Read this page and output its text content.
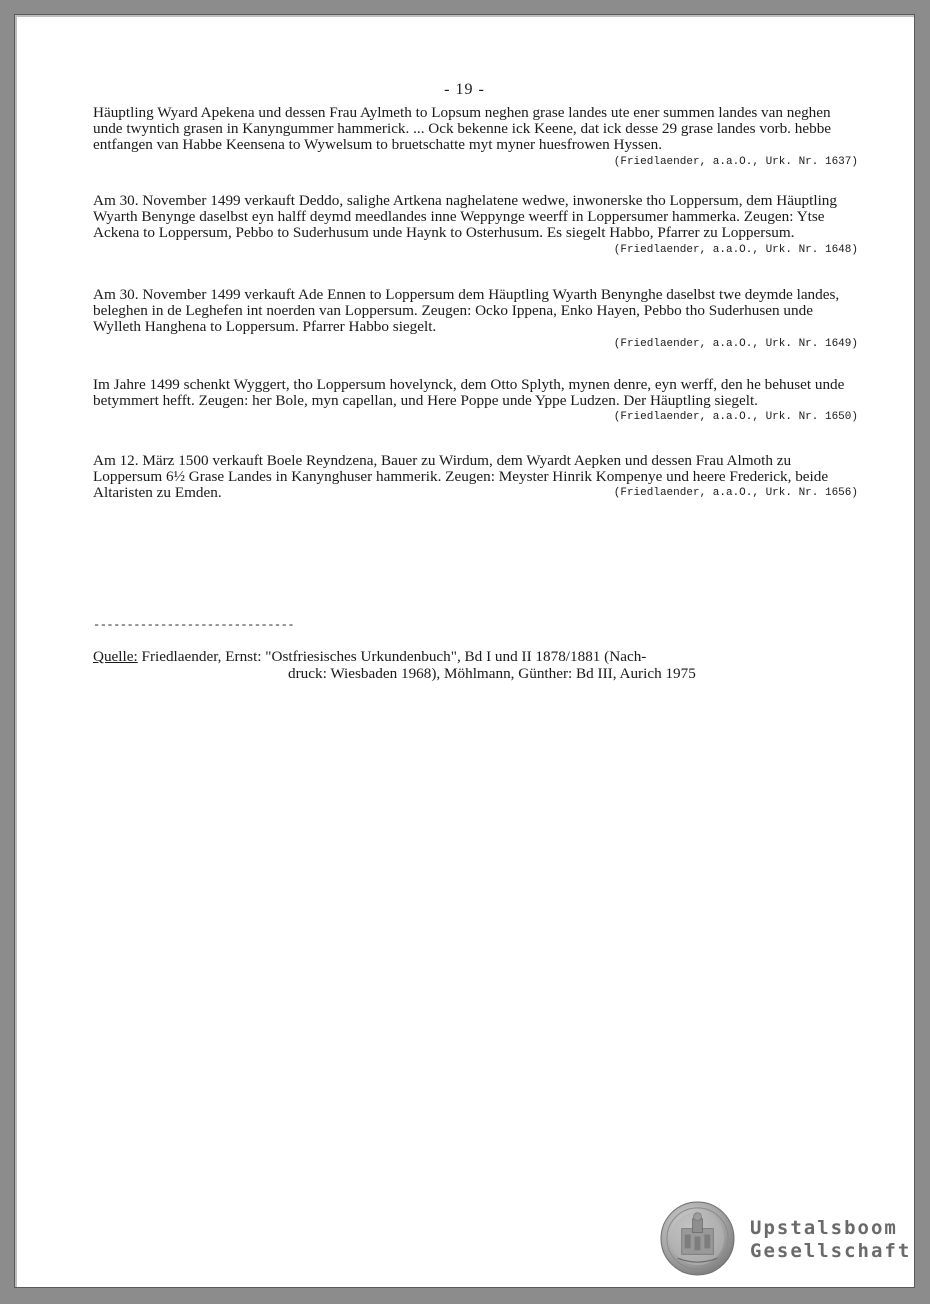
- 19 -
Häuptling Wyard Apekena und dessen Frau Aylmeth to Lopsum neghen grase landes ute ener summen landes van neghen unde twyntich grasen in Kanyngummer hammerick. ... Ock bekenne ick Keene, dat ick desse 29 grase landes vorb. hebbe entfangen van Habbe Keensena to Wywelsum to bruetschatte myt myner huesfrowen Hyssen.
(Friedlaender, a.a.O., Urk. Nr. 1637)
Am 30. November 1499 verkauft Deddo, salighe Artkena naghelatene wedwe, inwonerske tho Loppersum, dem Häuptling Wyarth Benynge daselbst eyn halff deymd meedlandes inne Weppynge weerff in Loppersumer hammerka. Zeugen: Ytse Ackena to Loppersum, Pebbo to Suderhusum unde Haynk to Osterhusum. Es siegelt Habbo, Pfarrer zu Loppersum.
(Friedlaender, a.a.O., Urk. Nr. 1648)
Am 30. November 1499 verkauft Ade Ennen to Loppersum dem Häuptling Wyarth Benynghe daselbst twe deymde landes, beleghen in de Leghefen int noerden van Loppersum. Zeugen: Ocko Ippena, Enko Hayen, Pebbo tho Suderhusen unde Wylleth Hanghena to Loppersum. Pfarrer Habbo siegelt.
(Friedlaender, a.a.O., Urk. Nr. 1649)
Im Jahre 1499 schenkt Wyggert, tho Loppersum hovelynck, dem Otto Splyth, mynen denre, eyn werff, den he behuset unde betymmert hefft. Zeugen: her Bole, myn capellan, und Here Poppe unde Yppe Ludzen. Der Häuptling siegelt.
(Friedlaender, a.a.O., Urk. Nr. 1650)
Am 12. März 1500 verkauft Boele Reyndzena, Bauer zu Wirdum, dem Wyardt Aepken und dessen Frau Almoth zu Loppersum 6½ Grase Landes in Kanynghuser hammerik. Zeugen: Meyster Hinrik Kompenye und heere Frederick, beide Altaristen zu Emden.	(Friedlaender, a.a.O., Urk. Nr. 1656)
------------------------------
Quelle: Friedlaender, Ernst: "Ostfriesisches Urkundenbuch", Bd I und II 1878/1881 (Nach-
druck: Wiesbaden 1968), Möhlmann, Günther: Bd III, Aurich 1975
Upstalsboom
Gesellschaft
